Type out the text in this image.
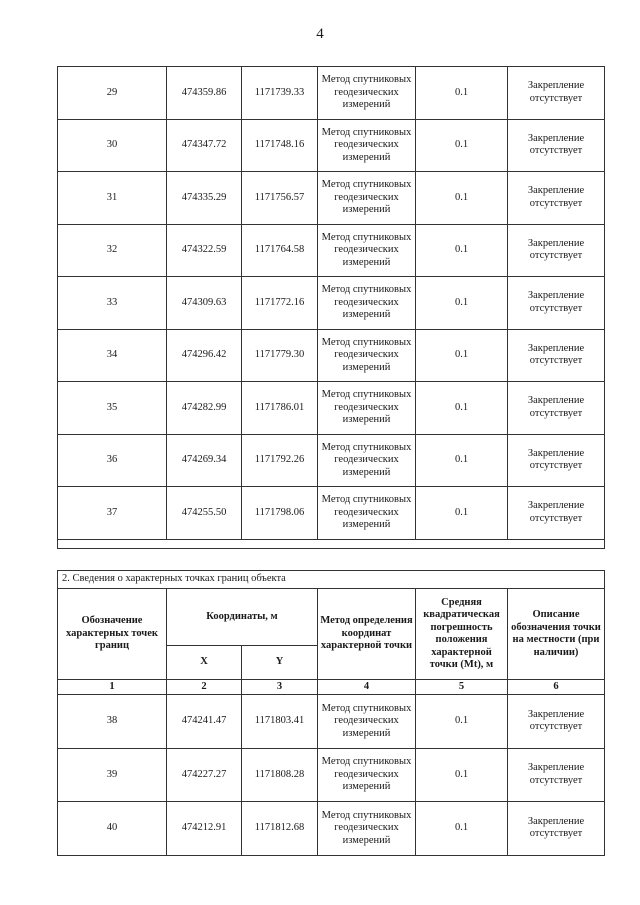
4
29	474359.86	1171739.33	Метод спутниковых геодезических измерений	0.1	Закрепление отсутствует
30	474347.72	1171748.16	Метод спутниковых геодезических измерений	0.1	Закрепление отсутствует
31	474335.29	1171756.57	Метод спутниковых геодезических измерений	0.1	Закрепление отсутствует
32	474322.59	1171764.58	Метод спутниковых геодезических измерений	0.1	Закрепление отсутствует
33	474309.63	1171772.16	Метод спутниковых геодезических измерений	0.1	Закрепление отсутствует
34	474296.42	1171779.30	Метод спутниковых геодезических измерений	0.1	Закрепление отсутствует
35	474282.99	1171786.01	Метод спутниковых геодезических измерений	0.1	Закрепление отсутствует
36	474269.34	1171792.26	Метод спутниковых геодезических измерений	0.1	Закрепление отсутствует
37	474255.50	1171798.06	Метод спутниковых геодезических измерений	0.1	Закрепление отсутствует

2. Сведения о характерных точках границ объекта					
Обозначение характерных точек границ	Координаты, м		Метод определения координат характерной точки	Средняя квадратическая погрешность положения характерной точки (Mt), м	Описание обозначения точки на местности (при наличии)
	X	Y			
1	2	3	4	5	6
38	474241.47	1171803.41	Метод спутниковых геодезических измерений	0.1	Закрепление отсутствует
39	474227.27	1171808.28	Метод спутниковых геодезических измерений	0.1	Закрепление отсутствует
40	474212.91	1171812.68	Метод спутниковых геодезических измерений	0.1	Закрепление отсутствует
